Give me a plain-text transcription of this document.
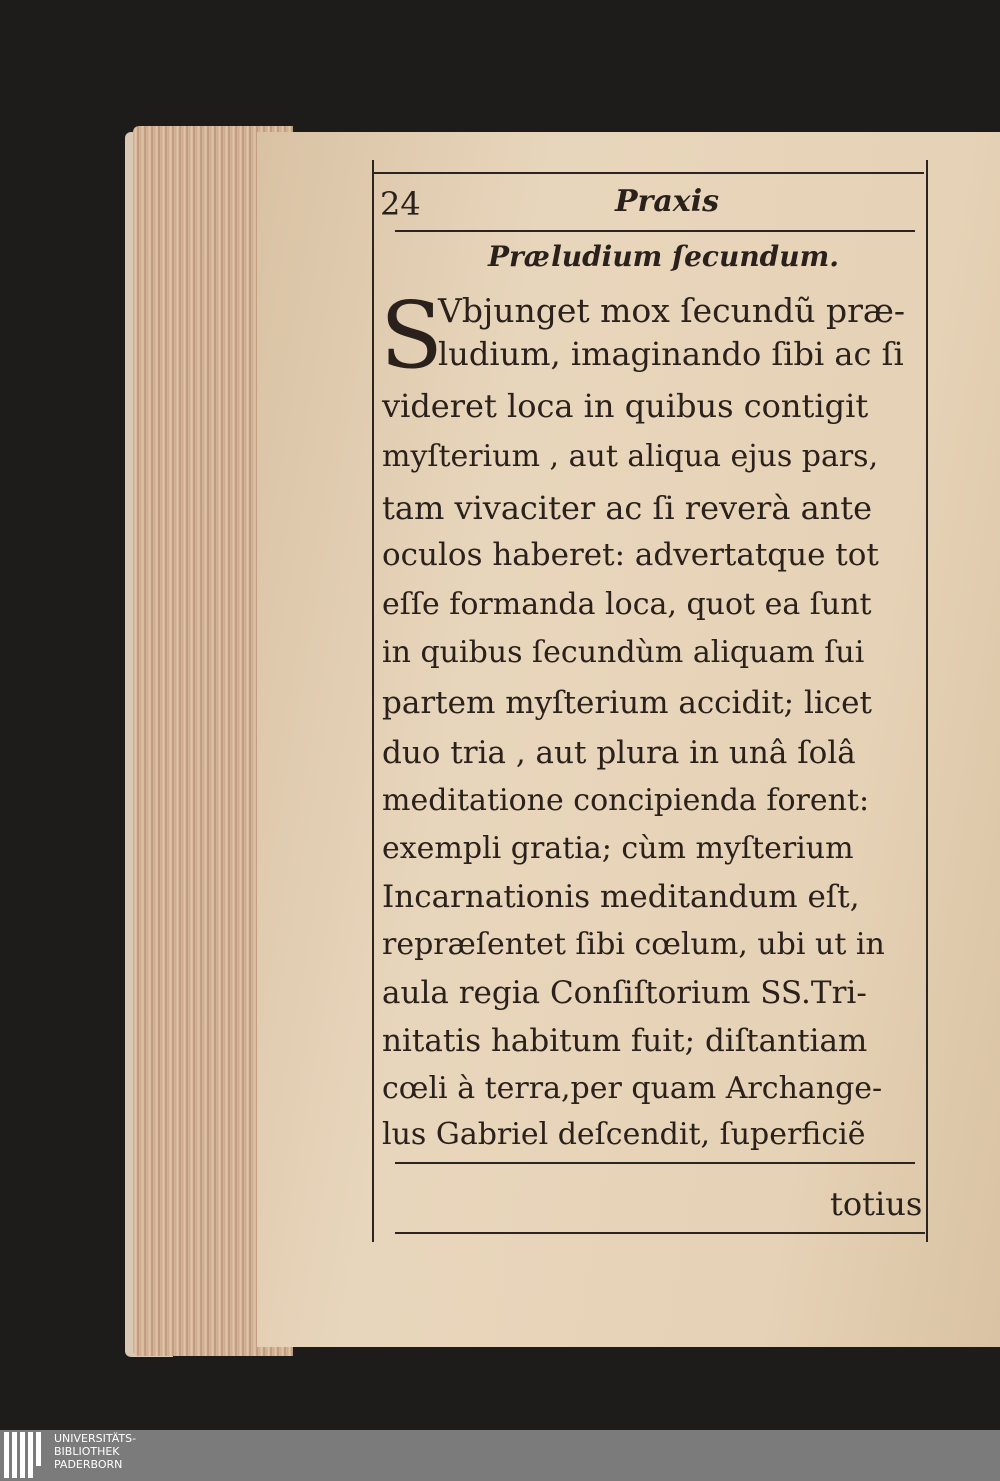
24	Praxis
Prӕludium ſecundum.
S
Vbjunget mox ſecundũ prӕ-
ludium, imaginando ſibi ac ſi
videret loca in quibus contigit
myſterium , aut aliqua ejus pars,
tam vivaciter ac ſi reverà ante
oculos haberet: advertatque tot
eſſe formanda loca, quot ea ſunt
in quibus ſecundùm aliquam ſui
partem myſterium accidit; licet
duo tria , aut plura in unâ ſolâ
meditatione concipienda forent:
exempli gratia; cùm myſterium
Incarnationis meditandum eſt,
reprӕſentet ſibi cœlum, ubi ut in
aula regia Conſiſtorium SS.Tri-
nitatis habitum fuit; diſtantiam
cœli à terra,per quam Archange-
lus Gabriel deſcendit, ſuperficiẽ
totius
UNIVERSITÄTS-
BIBLIOTHEK
PADERBORN
